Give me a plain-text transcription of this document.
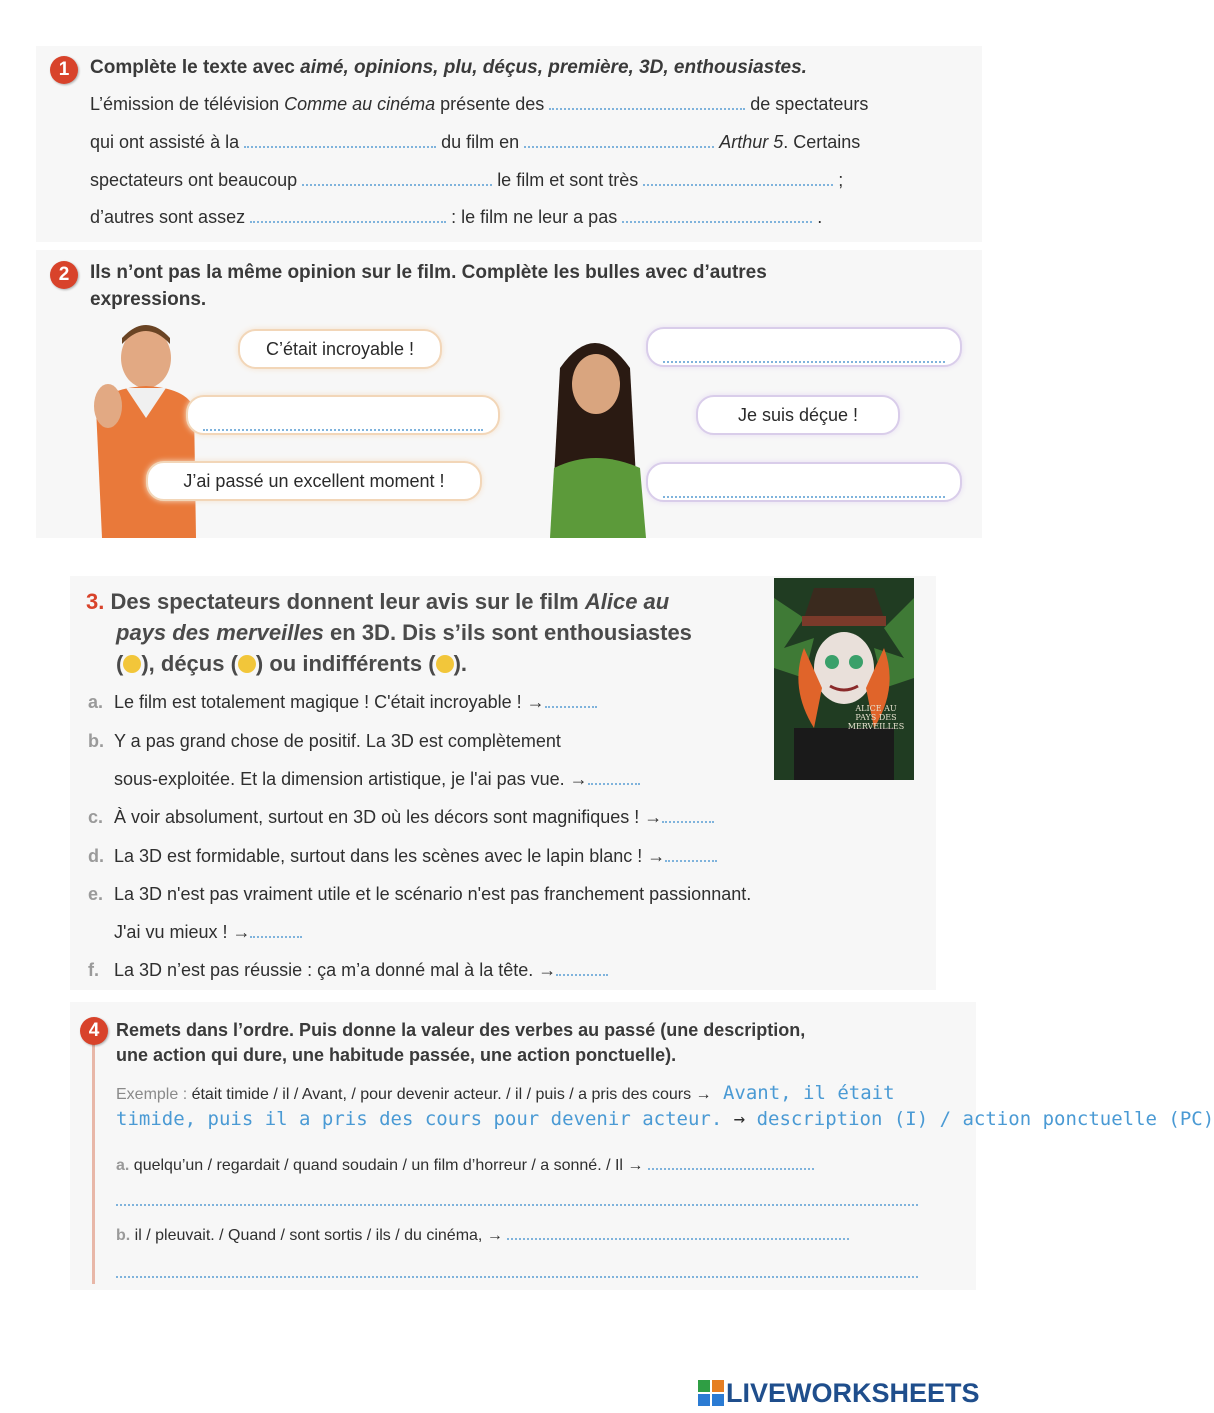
1	Complète le texte avec aimé, opinions, plu, déçus, première, 3D, enthousiastes.
L’émission de télévision Comme au cinéma présente des	de spectateurs
qui ont assisté à la	du film en	Arthur 5. Certains
spectateurs ont beaucoup	le film et sont très	;
d’autres sont assez	: le film ne leur a pas	.
2	Ils n’ont pas la même opinion sur le film. Complète les bulles avec d’autres
expressions.
C’était incroyable !
J’ai passé un excellent moment !
Je suis déçue !
3. Des spectateurs donnent leur avis sur le film Alice au
pays des merveilles en 3D. Dis s’ils sont enthousiastes
( ), déçus ( ) ou indifférents ( ).
ALICE AU PAYS DES MERVEILLES
a. Le film est totalement magique ! C'était incroyable ! →
b. Y a pas grand chose de positif. La 3D est complètement
sous-exploitée. Et la dimension artistique, je l'ai pas vue. →
c. À voir absolument, surtout en 3D où les décors sont magnifiques ! →
d. La 3D est formidable, surtout dans les scènes avec le lapin blanc ! →
e. La 3D n'est pas vraiment utile et le scénario n'est pas franchement passionnant.
J'ai vu mieux ! →
f. La 3D n’est pas réussie : ça m’a donné mal à la tête. →
4 Remets dans l’ordre. Puis donne la valeur des verbes au passé (une description,
une action qui dure, une habitude passée, une action ponctuelle).
Exemple : était timide / il / Avant, / pour devenir acteur. / il / puis / a pris des cours → Avant, il était
timide, puis il a pris des cours pour devenir acteur. → description (I) / action ponctuelle (PC)
a. quelqu’un / regardait / quand soudain / un film d’horreur / a sonné. / Il →
b. il / pleuvait. / Quand / sont sortis / ils / du cinéma, →
LIVEWORKSHEETS
